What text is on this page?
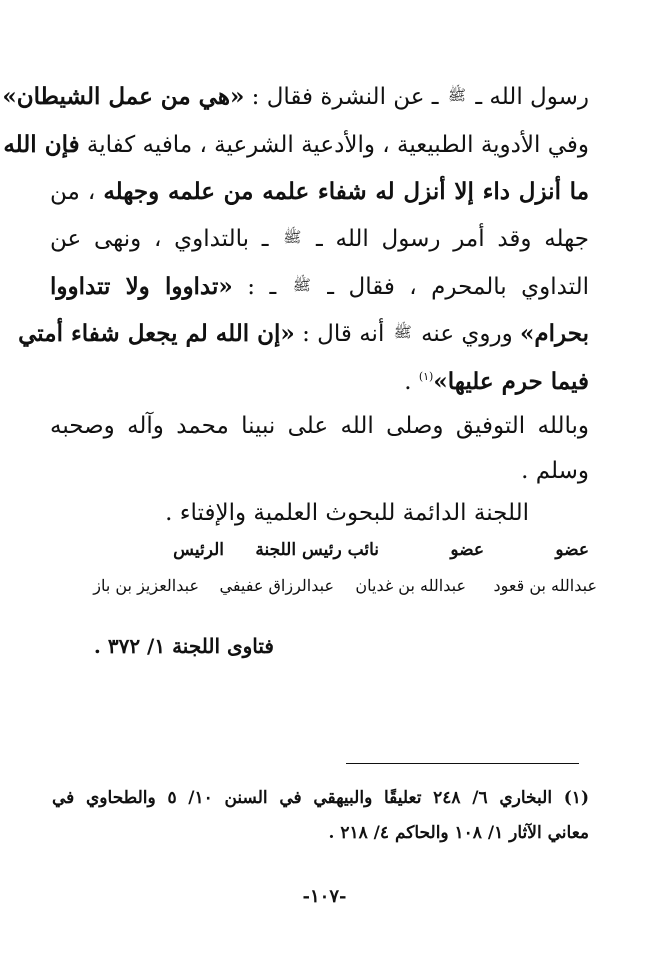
رسول الله ـ ﷺ ـ عن النشرة فقال : «هي من عمل الشيطان»
وفي الأدوية الطبيعية ، والأدعية الشرعية ، مافيه كفاية فإن الله
ما أنزل داء إلا أنزل له شفاء علمه من علمه وجهله ، من
جهله وقد أمر رسول الله ـ ﷺ ـ بالتداوي ، ونهى عن
التداوي بالمحرم ، فقال ـ ﷺ ـ : «تداووا ولا تتداووا
بحرام» وروي عنه ﷺ أنه قال : «إن الله لم يجعل شفاء أمتي
فيما حرم عليها»$^{(١)}$ .
وبالله التوفيق وصلى الله على نبينا محمد وآله وصحبه
وسلم .
اللجنة الدائمة للبحوث العلمية والإفتاء .
عضو
عضو
نائب رئيس اللجنة
الرئيس
عبدالله بن قعود
عبدالله بن غديان
عبدالرزاق عفيفي
عبدالعزيز بن باز
فتاوى اللجنة ١/ ٣٧٢ .
(١) البخاري ٦/ ٢٤٨ تعليقًا والبيهقي في السنن ١٠/ ٥ والطحاوي في
معاني الآثار ١/ ١٠٨ والحاكم ٤/ ٢١٨ .
-١٠٧-
